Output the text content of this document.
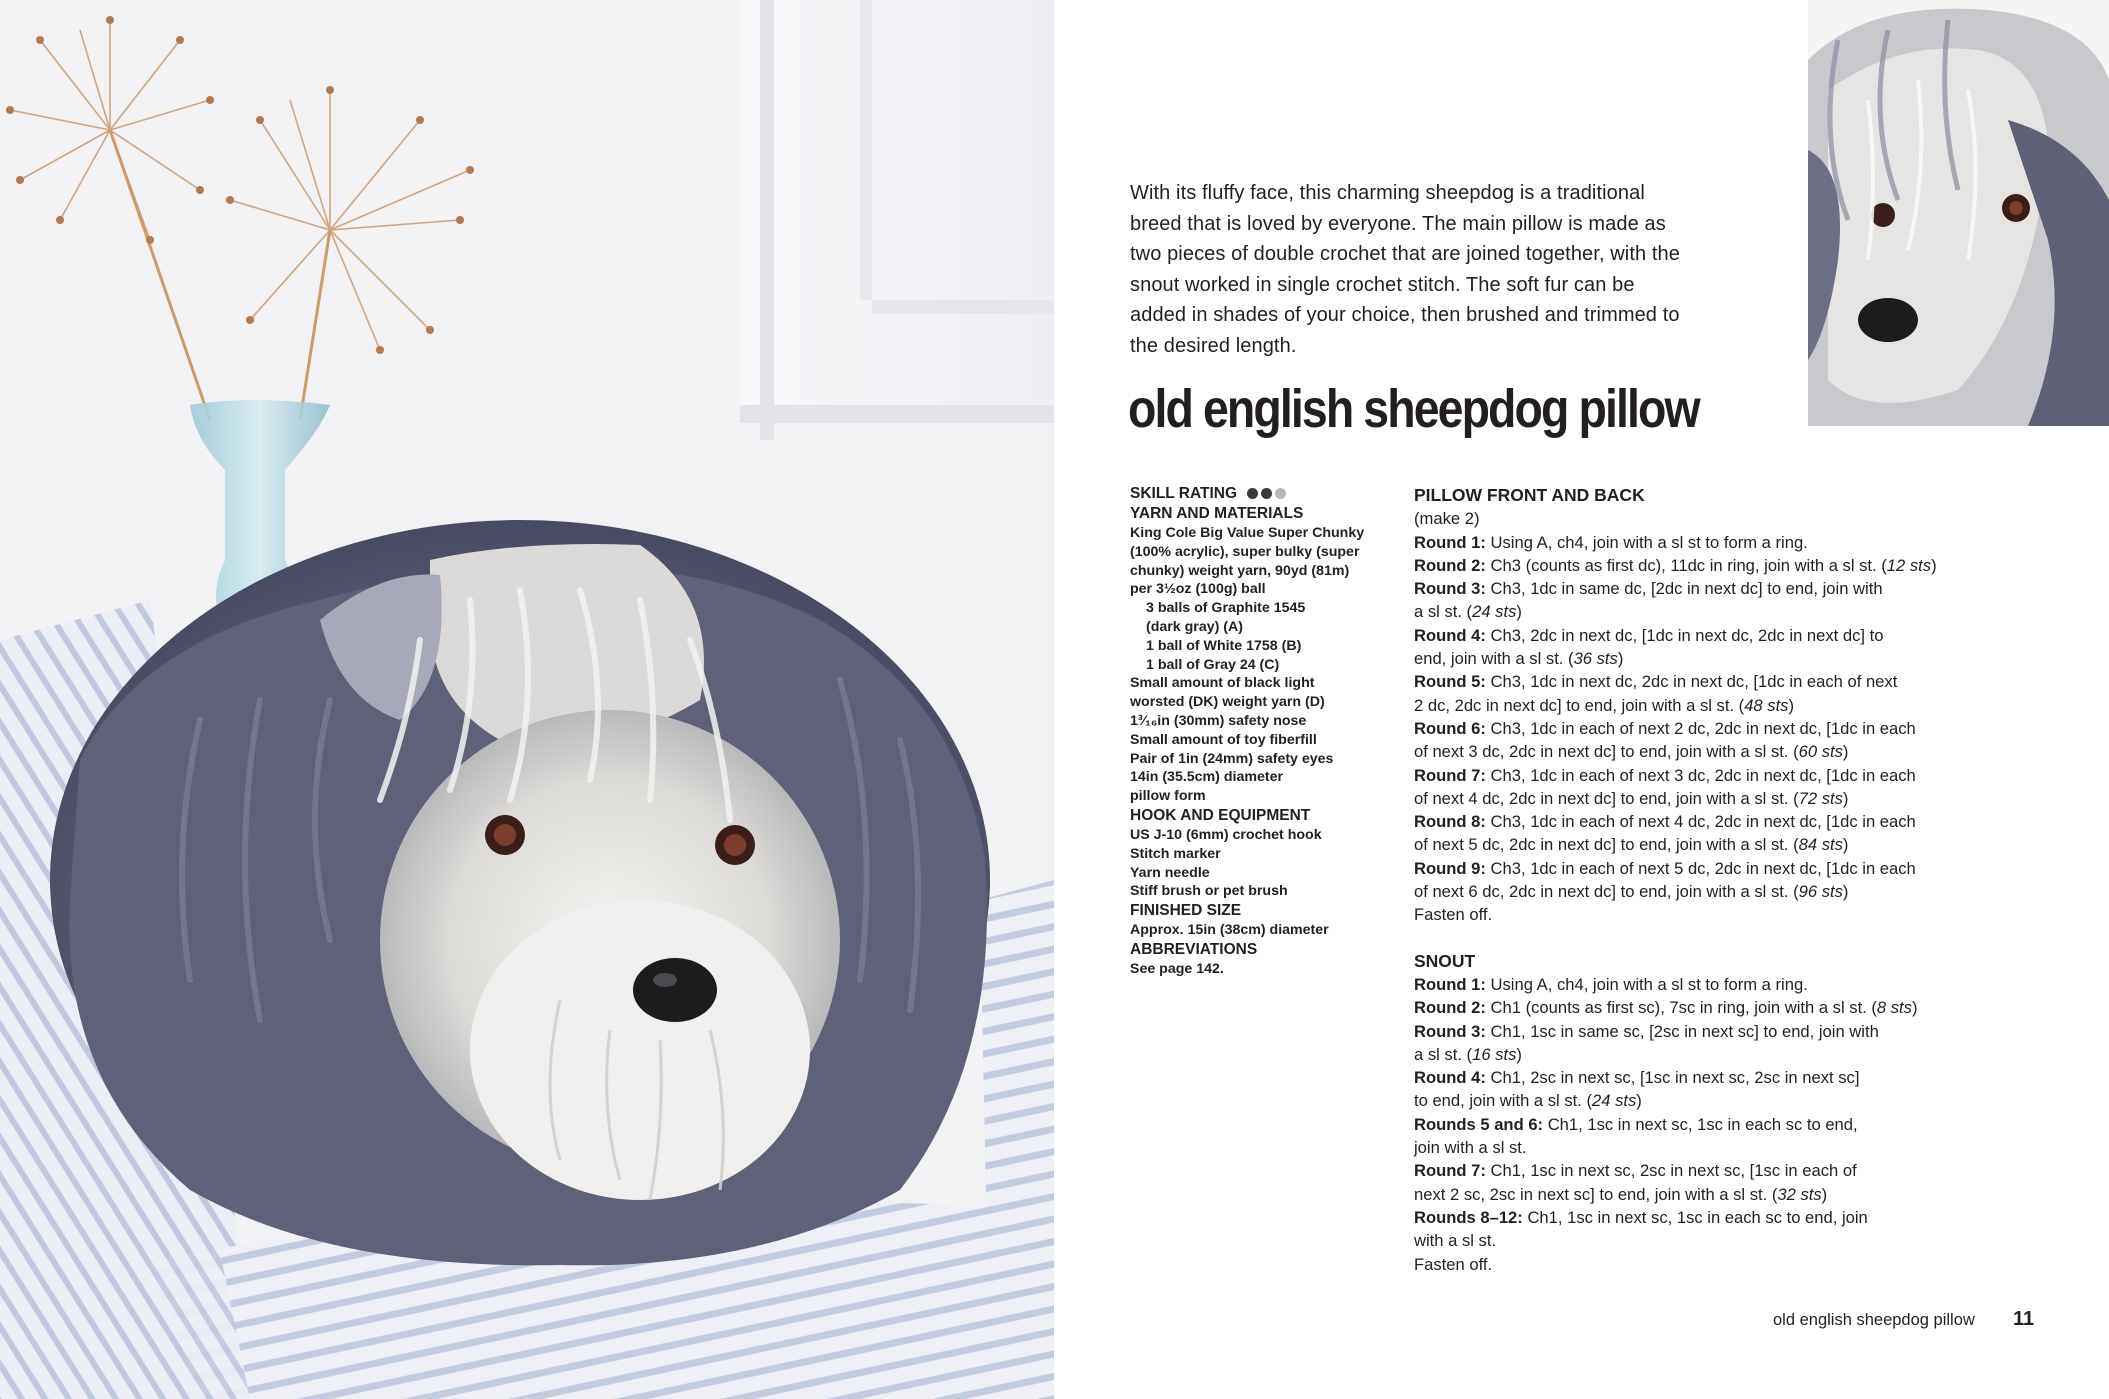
With its fluffy face, this charming sheepdog is a traditional breed that is loved by everyone. The main pillow is made as two pieces of double crochet that are joined together, with the snout worked in single crochet stitch. The soft fur can be added in shades of your choice, then brushed and trimmed to the desired length.

old english sheepdog pillow
SKILL RATING
YARN AND MATERIALS
King Cole Big Value Super Chunky
(100% acrylic), super bulky (super
chunky) weight yarn, 90yd (81m)
per 3½oz (100g) ball
3 balls of Graphite 1545
(dark gray) (A)
1 ball of White 1758 (B)
1 ball of Gray 24 (C)
Small amount of black light
worsted (DK) weight yarn (D)
1³⁄₁₆in (30mm) safety nose
Small amount of toy fiberfill
Pair of 1in (24mm) safety eyes
14in (35.5cm) diameter
pillow form
HOOK AND EQUIPMENT
US J-10 (6mm) crochet hook
Stitch marker
Yarn needle
Stiff brush or pet brush
FINISHED SIZE
Approx. 15in (38cm) diameter
ABBREVIATIONS
See page 142.

PILLOW FRONT AND BACK

(make 2)

Round 1: Using A, ch4, join with a sl st to form a ring.

Round 2: Ch3 (counts as first dc), 11dc in ring, join with a sl st. (12 sts)

Round 3: Ch3, 1dc in same dc, [2dc in next dc] to end, join with

a sl st. (24 sts)

Round 4: Ch3, 2dc in next dc, [1dc in next dc, 2dc in next dc] to

end, join with a sl st. (36 sts)

Round 5: Ch3, 1dc in next dc, 2dc in next dc, [1dc in each of next

2 dc, 2dc in next dc] to end, join with a sl st. (48 sts)

Round 6: Ch3, 1dc in each of next 2 dc, 2dc in next dc, [1dc in each

of next 3 dc, 2dc in next dc] to end, join with a sl st. (60 sts)

Round 7: Ch3, 1dc in each of next 3 dc, 2dc in next dc, [1dc in each

of next 4 dc, 2dc in next dc] to end, join with a sl st. (72 sts)

Round 8: Ch3, 1dc in each of next 4 dc, 2dc in next dc, [1dc in each

of next 5 dc, 2dc in next dc] to end, join with a sl st. (84 sts)

Round 9: Ch3, 1dc in each of next 5 dc, 2dc in next dc, [1dc in each

of next 6 dc, 2dc in next dc] to end, join with a sl st. (96 sts)

Fasten off.

SNOUT

Round 1: Using A, ch4, join with a sl st to form a ring.

Round 2: Ch1 (counts as first sc), 7sc in ring, join with a sl st. (8 sts)

Round 3: Ch1, 1sc in same sc, [2sc in next sc] to end, join with

a sl st. (16 sts)

Round 4: Ch1, 2sc in next sc, [1sc in next sc, 2sc in next sc]

to end, join with a sl st. (24 sts)

Rounds 5 and 6: Ch1, 1sc in next sc, 1sc in each sc to end,

join with a sl st.

Round 7: Ch1, 1sc in next sc, 2sc in next sc, [1sc in each of

next 2 sc, 2sc in next sc] to end, join with a sl st. (32 sts)

Rounds 8–12: Ch1, 1sc in next sc, 1sc in each sc to end, join

with a sl st.

Fasten off.

old english sheepdog pillow 11
